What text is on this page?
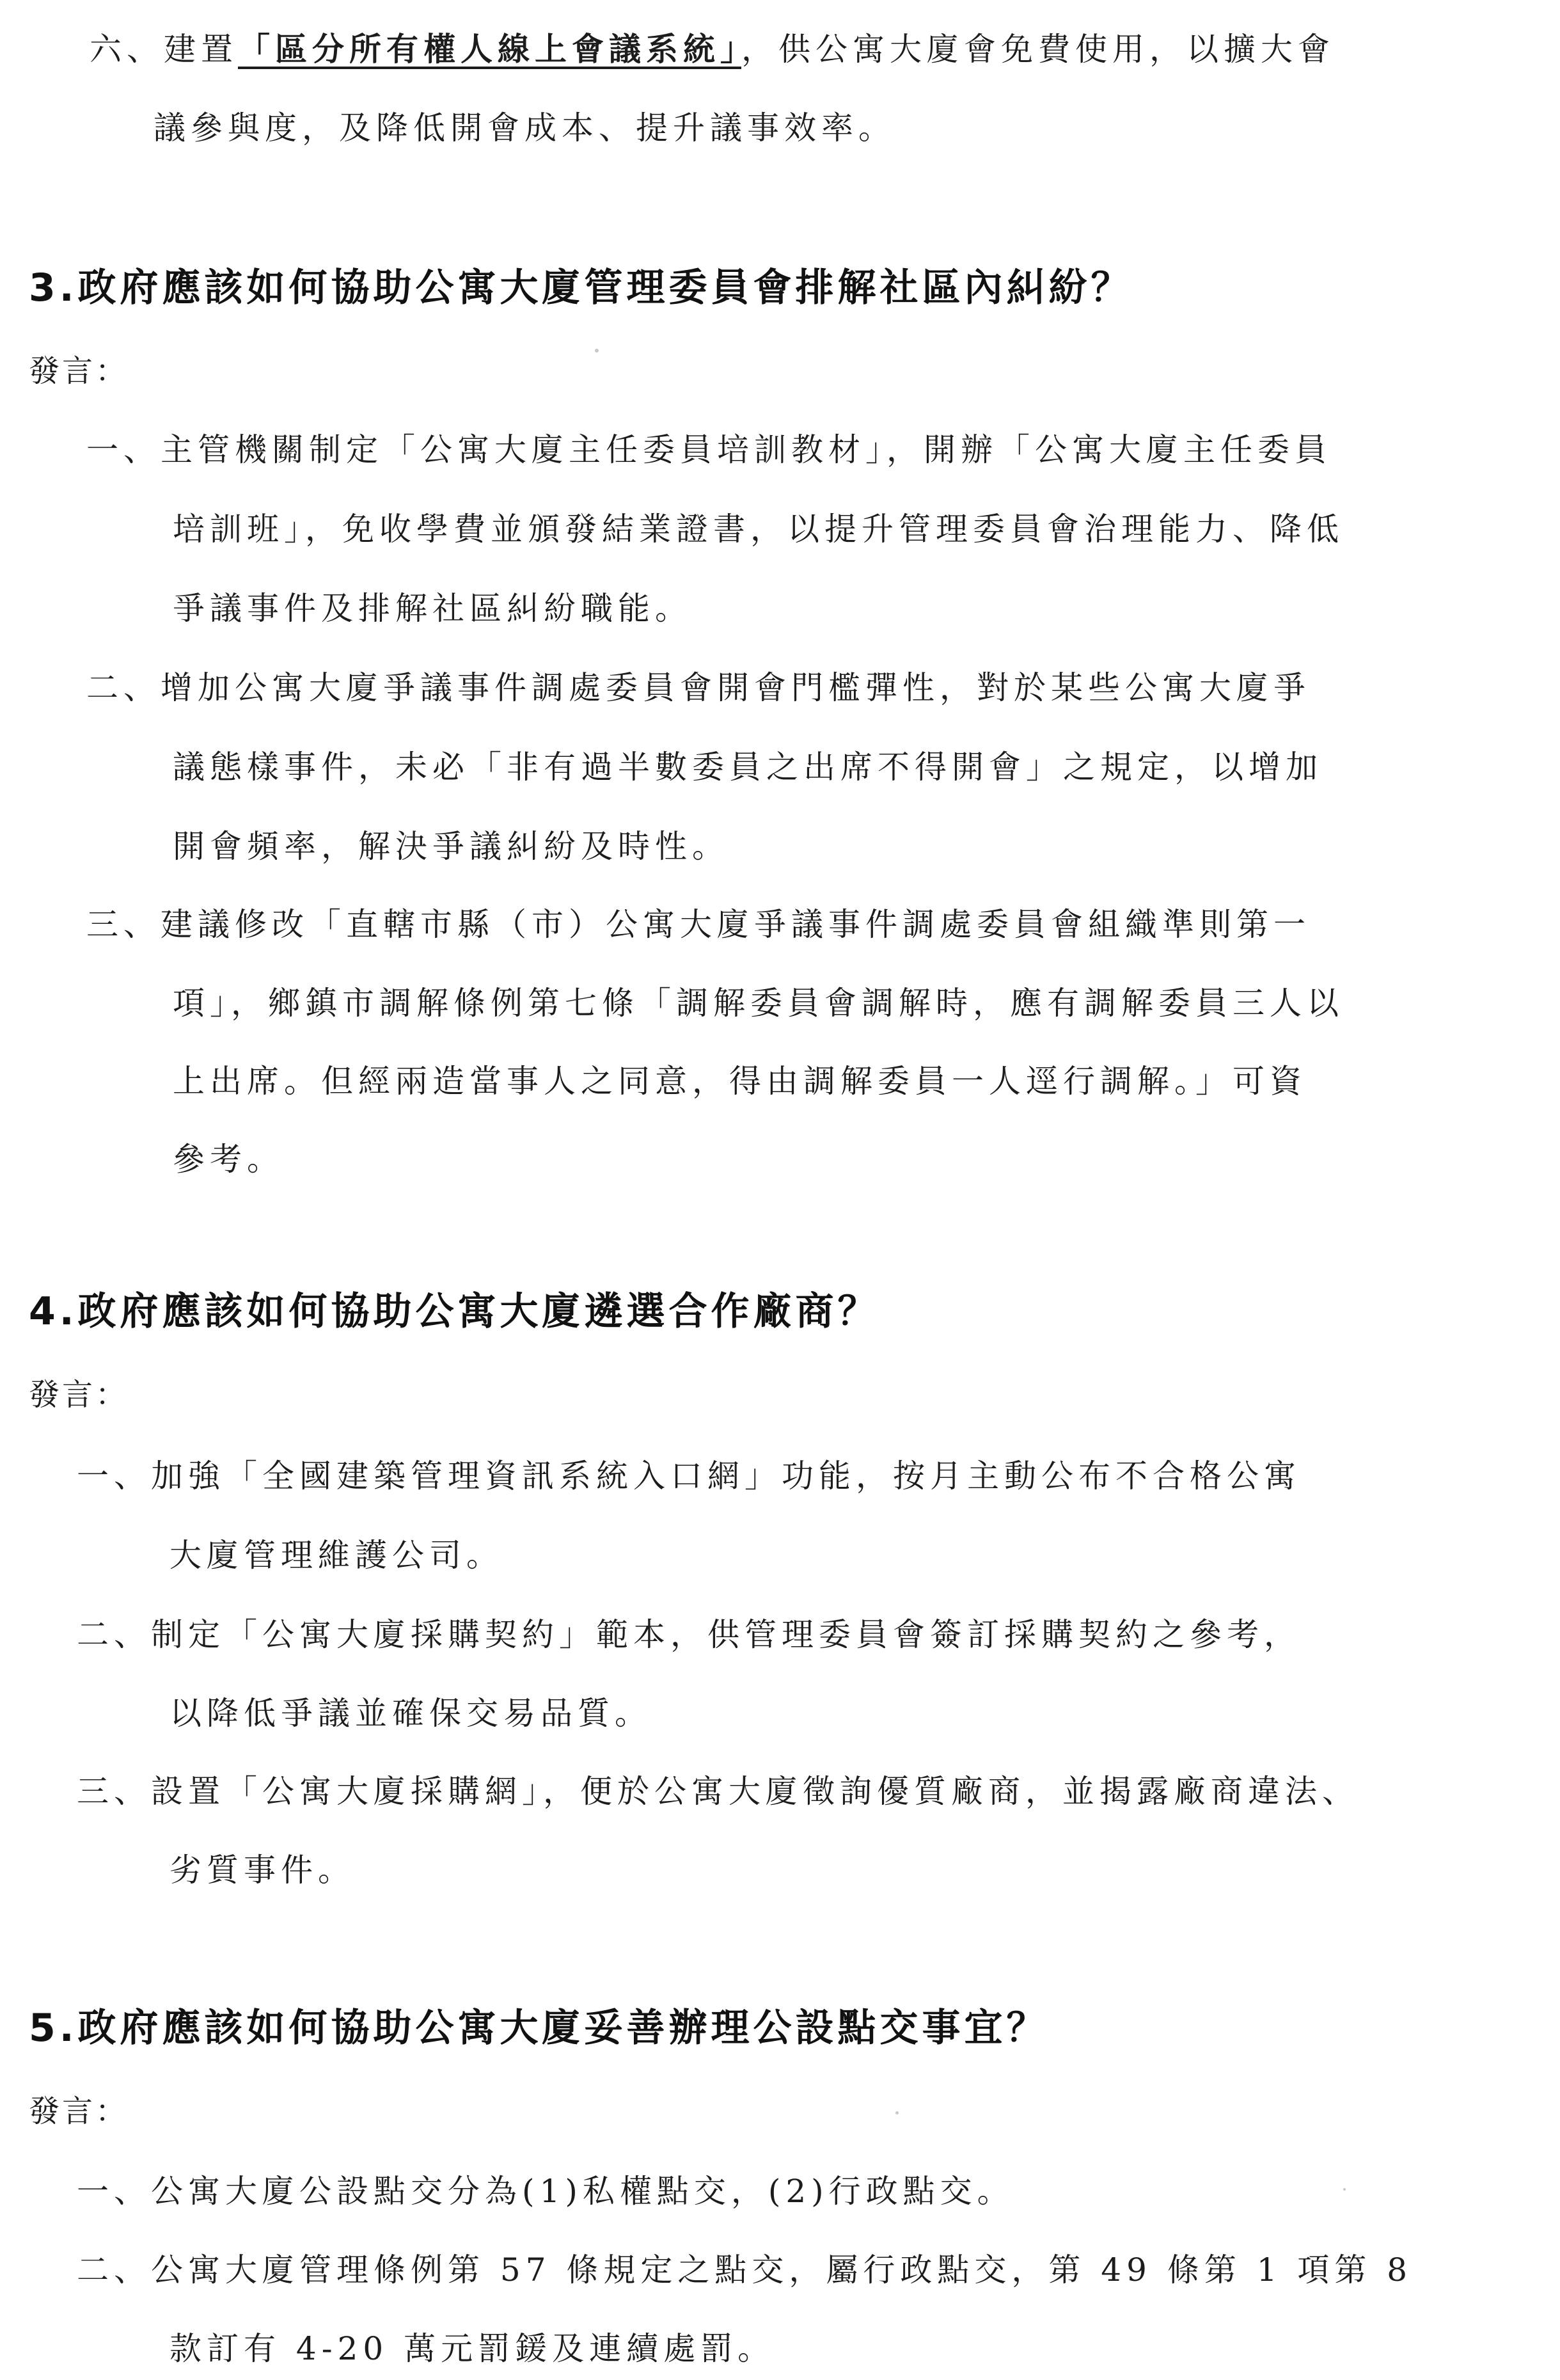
六、建置「區分所有權人線上會議系統」，供公寓大廈會免費使用，以擴大會
議參與度，及降低開會成本、提升議事效率。
3.政府應該如何協助公寓大廈管理委員會排解社區內糾紛？
發言：
一、主管機關制定「公寓大廈主任委員培訓教材」，開辦「公寓大廈主任委員
培訓班」，免收學費並頒發結業證書，以提升管理委員會治理能力、降低
爭議事件及排解社區糾紛職能。
二、增加公寓大廈爭議事件調處委員會開會門檻彈性，對於某些公寓大廈爭
議態樣事件，未必「非有過半數委員之出席不得開會」之規定，以增加
開會頻率，解決爭議糾紛及時性。
三、建議修改「直轄市縣（市）公寓大廈爭議事件調處委員會組織準則第一
項」，鄉鎮市調解條例第七條「調解委員會調解時，應有調解委員三人以
上出席。但經兩造當事人之同意，得由調解委員一人逕行調解。」可資
參考。
4.政府應該如何協助公寓大廈遴選合作廠商？
發言：
一、加強「全國建築管理資訊系統入口網」功能，按月主動公布不合格公寓
大廈管理維護公司。
二、制定「公寓大廈採購契約」範本，供管理委員會簽訂採購契約之參考，
以降低爭議並確保交易品質。
三、設置「公寓大廈採購網」，便於公寓大廈徵詢優質廠商，並揭露廠商違法、
劣質事件。
5.政府應該如何協助公寓大廈妥善辦理公設點交事宜？
發言：
一、公寓大廈公設點交分為(1)私權點交，(2)行政點交。
二、公寓大廈管理條例第 57 條規定之點交，屬行政點交，第 49 條第 1 項第 8
款訂有 4-20 萬元罰鍰及連續處罰。
